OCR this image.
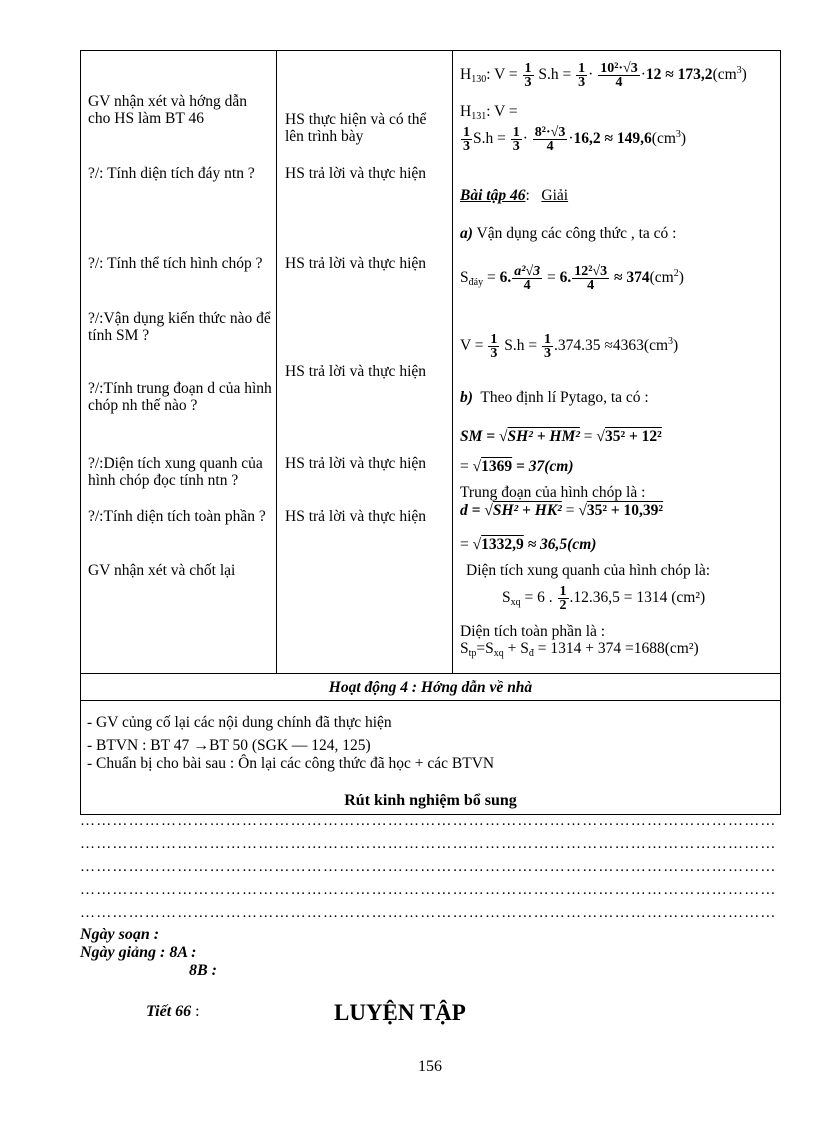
GV nhận xét và hớng dẫn cho HS làm BT 46
?/: Tính diện tích đáy ntn ?
?/: Tính thể tích hình chóp ?
?/:Vận dụng kiến thức nào để tính SM ?
?/:Tính trung đoạn d của hình chóp nh thế nào ?
?/:Diện tích xung quanh của hình chóp đọc tính ntn ?
?/:Tính diện tích toàn phần ?
GV nhận xét và chốt lại
HS thực hiện và có thể lên trình bày
HS trả lời và thực hiện
HS trả lời và thực hiện
HS trả lời và thực hiện
HS trả lời và thực hiện
HS trả lời và thực hiện
$H_{130}$: $V = \frac{1}{3} S.h = \frac{1}{3} \cdot \frac{\text{10²·√3}}{4} \cdot 12 \approx 173,2(cm^3)$
$H_{131}$: V =
$\frac{1}{3} S.h = \frac{1}{3} \cdot \frac{\text{8²·√3}}{4} \cdot 16,2 \approx 149,6(cm^3)$
Bài tập 46: Giải
a) Vận dụng các công thức , ta có :
$S_{đáy} = 6$. $\frac{\text{a²√3}}{4} = 6$. $\frac{\text{12²√3}}{4} \approx 374(cm^2)$
$V = \frac{1}{3} S.h = \frac{1}{3} .374.35 \approx 4363(cm^3)$
b) Theo định lí Pytago, ta có :
SM = √SH² + HM² = √35² + 12²
= √1369 = 37(cm)
Trung đoạn của hình chóp là :
d = √SH² + HK² = √35² + 10,39²
= √1332,9 ≈ 36,5(cm)
Diện tích xung quanh của hình chóp là:
$S_{xq} = 6$ . $\frac{1}{2} .12.36,5 = 1314$ (cm²)
Diện tích toàn phần là :
$S_{tp}=S_{xq} + S_đ = 1314 + 374 =1688(cm^2)$
Hoạt động 4 : Hớng dẫn về nhà
- GV củng cố lại các nội dung chính đã thực hiện
- BTVN : BT 47 →BT 50 (SGK — 124, 125)
- Chuẩn bị cho bài sau : Ôn lại các công thức đã học + các BTVN
Rút kinh nghiệm bổ sung
…………………………………………………………………………………………………………………
…………………………………………………………………………………………………………………
…………………………………………………………………………………………………………………
…………………………………………………………………………………………………………………
…………………………………………………………………………………………………………………
Ngày soạn :
Ngày giảng : 8A :
8B :
Tiết 66 :	LUYỆN TẬP
156
